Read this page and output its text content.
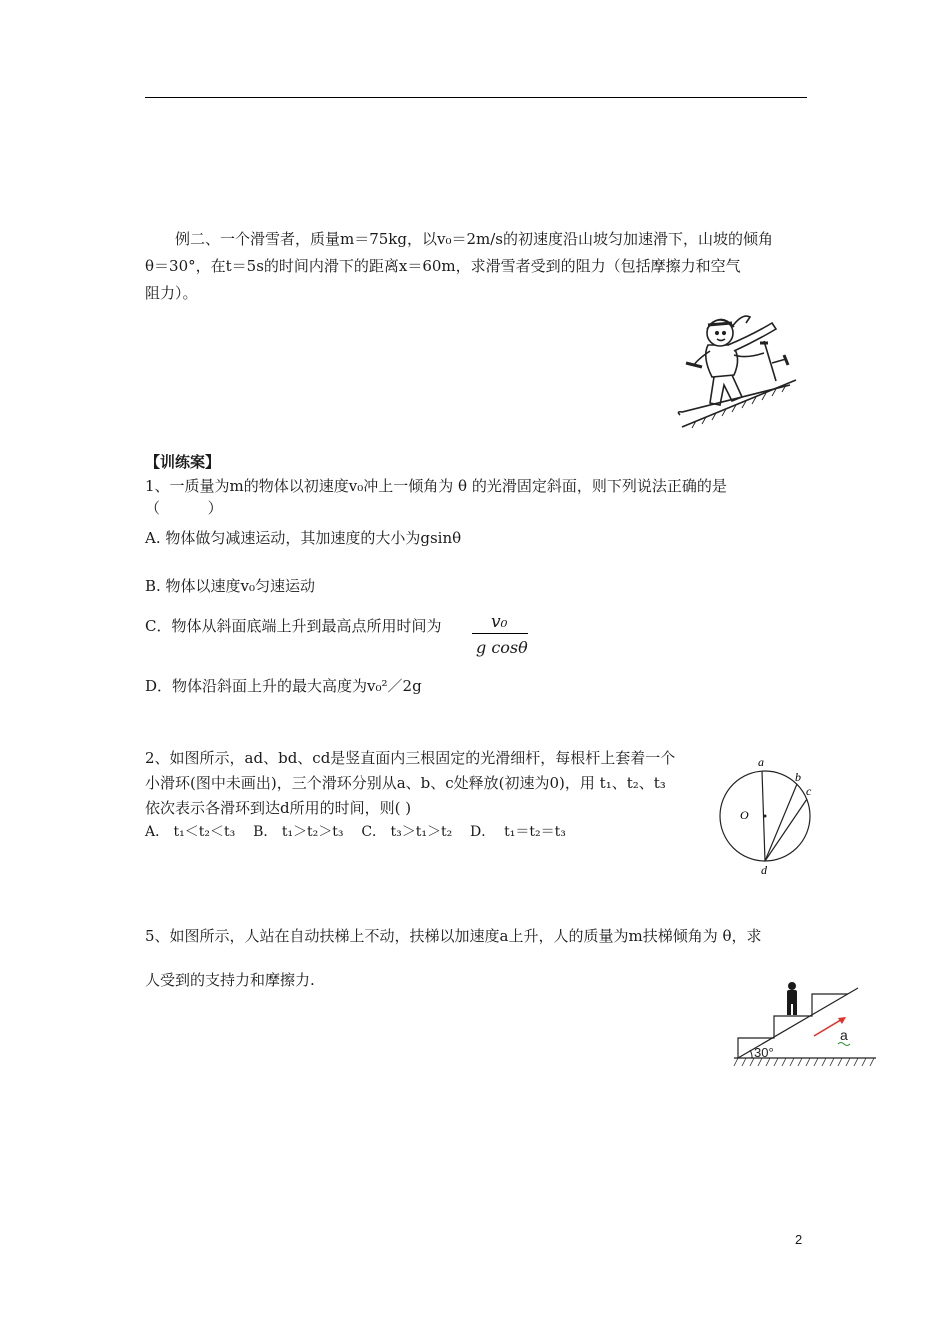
例二、一个滑雪者，质量m＝75kg，以v₀＝2m/s的初速度沿山坡匀加速滑下，山坡的倾角
θ＝30°，在t＝5s的时间内滑下的距离x＝60m，求滑雪者受到的阻力（包括摩擦力和空气
阻力）。
【训练案】
1、一质量为m的物体以初速度v₀冲上一倾角为 θ 的光滑固定斜面，则下列说法正确的是
（          ）
A. 物体做匀减速运动，其加速度的大小为gsinθ
B. 物体以速度v₀匀速运动
C．物体从斜面底端上升到最高点所用时间为	v₀
g cosθ
D．物体沿斜面上升的最大高度为v₀²／2g
2、如图所示，ad、bd、cd是竖直面内三根固定的光滑细杆，每根杆上套着一个
小滑环(图中未画出)，三个滑环分别从a、b、c处释放(初速为0)，用 t₁、t₂、t₃
依次表示各滑环到达d所用的时间，则( )
A． t₁＜t₂＜t₃    B． t₁＞t₂＞t₃    C． t₃＞t₁＞t₂    D．  t₁＝t₂＝t₃
a
b
c
O
d
5、如图所示，人站在自动扶梯上不动，扶梯以加速度a上升，人的质量为m扶梯倾角为 θ，求
人受到的支持力和摩擦力.
a
30°
2
